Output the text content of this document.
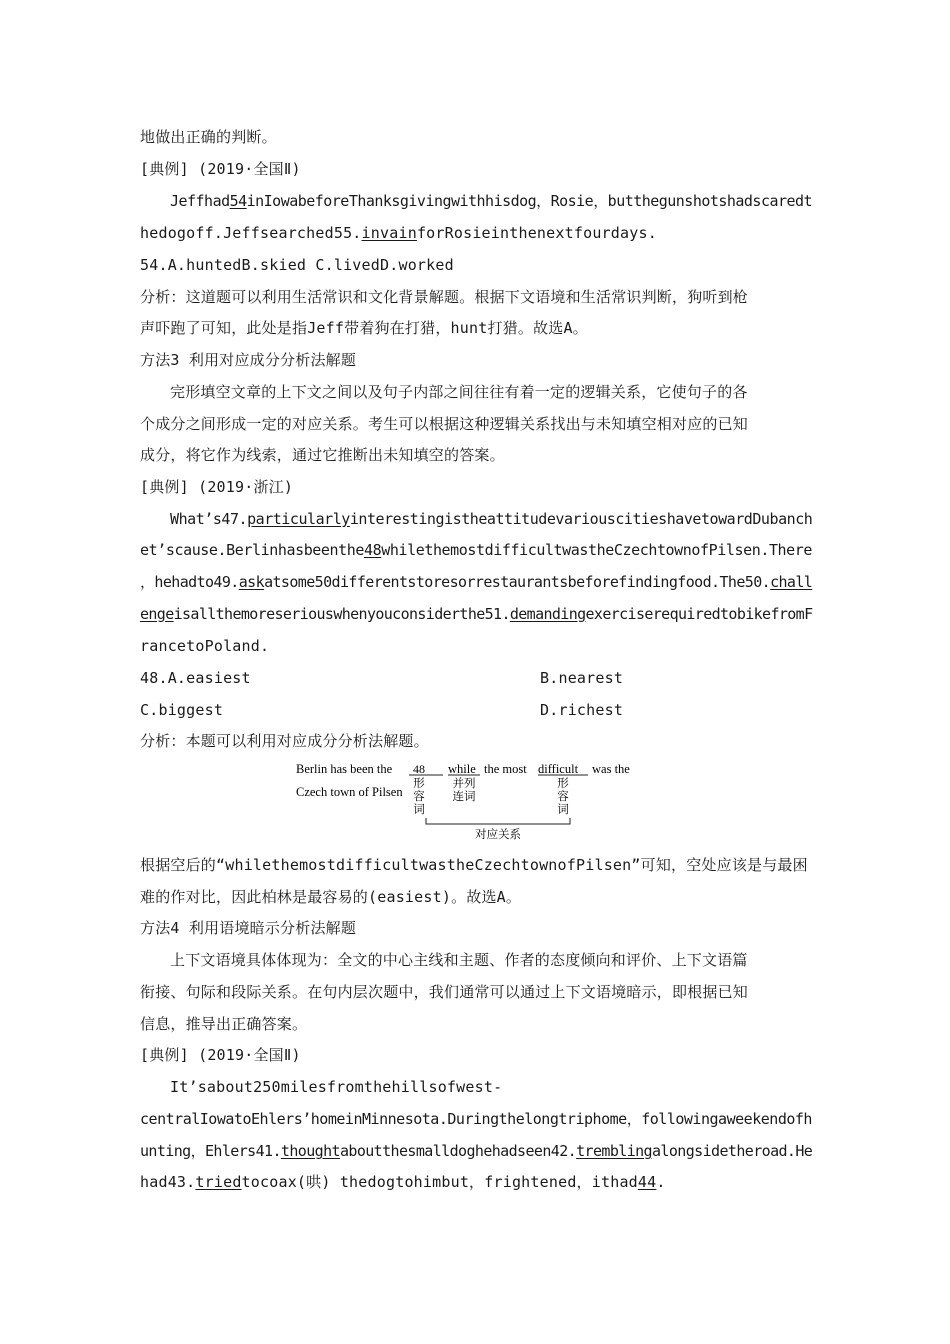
地做出正确的判断。
[典例] (2019·全国Ⅱ)
Jeffhad54inIowabeforeThanksgivingwithhisdog，Rosie，butthegunshotshadscaredt
hedogoff.Jeffsearched55.invainforRosieinthenextfourdays.
54.A.huntedB.skied C.livedD.worked
分析：这道题可以利用生活常识和文化背景解题。根据下文语境和生活常识判断，狗听到枪
声吓跑了可知，此处是指Jeff带着狗在打猎，hunt打猎。故选A。
方法3 利用对应成分分析法解题
完形填空文章的上下文之间以及句子内部之间往往有着一定的逻辑关系，它使句子的各
个成分之间形成一定的对应关系。考生可以根据这种逻辑关系找出与未知填空相对应的已知
成分，将它作为线索，通过它推断出未知填空的答案。
[典例] (2019·浙江)
What’s47.particularlyinterestingistheattitudevariouscitieshavetowardDubanch
et’scause.Berlinhasbeenthe48whilethemostdifficultwastheCzechtownofPilsen.There
，hehadto49.askatsome50differentstoresorrestaurantsbeforefindingfood.The50.chall
engeisallthemoreseriouswhenyouconsiderthe51.demandingexerciserequiredtobikefromF
rancetoPoland.
48.A.easiest	B.nearest
C.biggest	D.richest
分析：本题可以利用对应成分分析法解题。
Berlin has been the 48 while the most difficult was the
Czech town of Pilsen
形
容
词
并列
连词
形
容
词
对应关系
根据空后的“whilethemostdifficultwastheCzechtownofPilsen”可知，空处应该是与最困
难的作对比，因此柏林是最容易的(easiest)。故选A。
方法4 利用语境暗示分析法解题
上下文语境具体体现为：全文的中心主线和主题、作者的态度倾向和评价、上下文语篇
衔接、句际和段际关系。在句内层次题中，我们通常可以通过上下文语境暗示，即根据已知
信息，推导出正确答案。
[典例] (2019·全国Ⅱ)
It’sabout250milesfromthehillsofwest-
centralIowatoEhlers’homeinMinnesota.Duringthelongtriphome，followingaweekendofh
unting，Ehlers41.thoughtaboutthesmalldoghehadseen42.tremblingalongsidetheroad.He
had43.triedtocoax(哄) thedogtohimbut，frightened，ithad44.
